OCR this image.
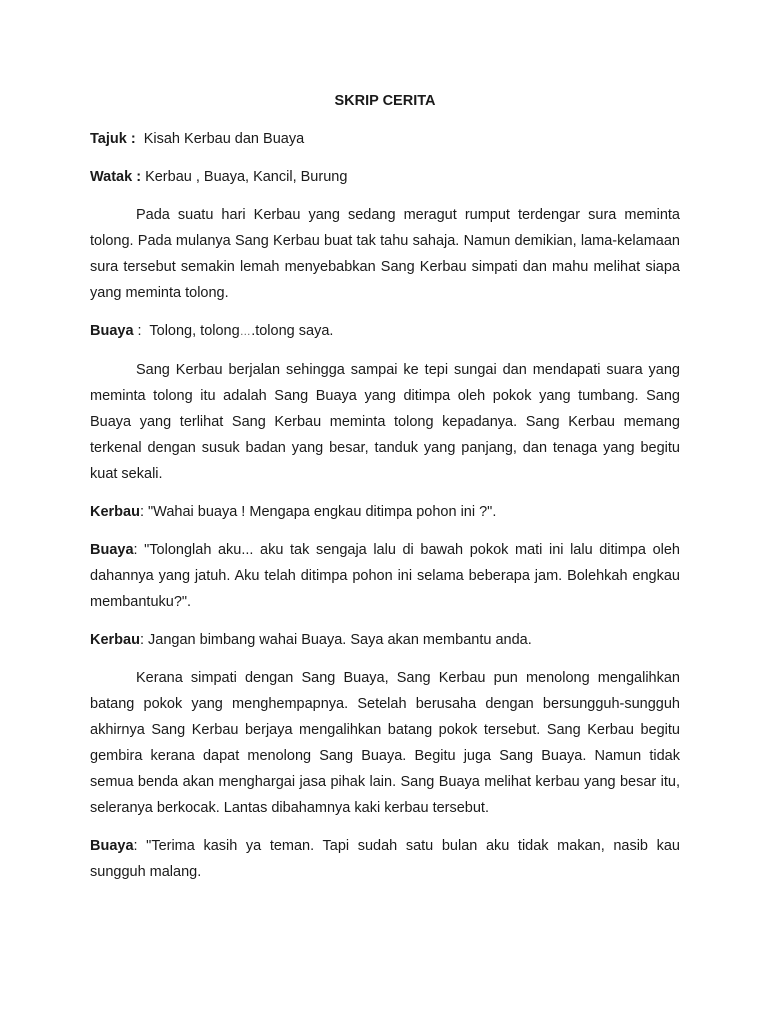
SKRIP CERITA
Tajuk : Kisah Kerbau dan Buaya
Watak : Kerbau , Buaya, Kancil, Burung

Pada suatu hari Kerbau yang sedang meragut rumput terdengar sura meminta tolong. Pada mulanya Sang Kerbau buat tak tahu sahaja. Namun demikian, lama-kelamaan sura tersebut semakin lemah menyebabkan Sang Kerbau simpati dan mahu melihat siapa yang meminta tolong.

Buaya :  Tolong, tolong….tolong saya.

Sang Kerbau berjalan sehingga sampai ke tepi sungai dan mendapati suara yang meminta tolong itu adalah Sang Buaya yang ditimpa oleh pokok yang tumbang. Sang Buaya yang terlihat Sang Kerbau meminta tolong kepadanya. Sang Kerbau memang terkenal dengan susuk badan yang besar, tanduk yang panjang, dan tenaga yang begitu kuat sekali.

Kerbau: "Wahai buaya ! Mengapa engkau ditimpa pohon ini ?".

Buaya: "Tolonglah aku... aku tak sengaja lalu di bawah pokok mati ini lalu ditimpa oleh dahannya yang jatuh. Aku telah ditimpa pohon ini selama beberapa jam. Bolehkah engkau membantuku?".

Kerbau: Jangan bimbang wahai Buaya. Saya akan membantu anda.

Kerana simpati dengan Sang Buaya, Sang Kerbau pun menolong mengalihkan batang pokok yang menghempapnya. Setelah berusaha dengan bersungguh-sungguh akhirnya Sang Kerbau berjaya mengalihkan batang pokok tersebut. Sang Kerbau begitu gembira kerana dapat menolong Sang Buaya. Begitu juga Sang Buaya. Namun tidak semua benda akan menghargai jasa pihak lain. Sang Buaya melihat kerbau yang besar itu, seleranya berkocak. Lantas dibahamnya kaki kerbau tersebut.

Buaya: "Terima kasih ya teman. Tapi sudah satu bulan aku tidak makan, nasib kau sungguh malang.
